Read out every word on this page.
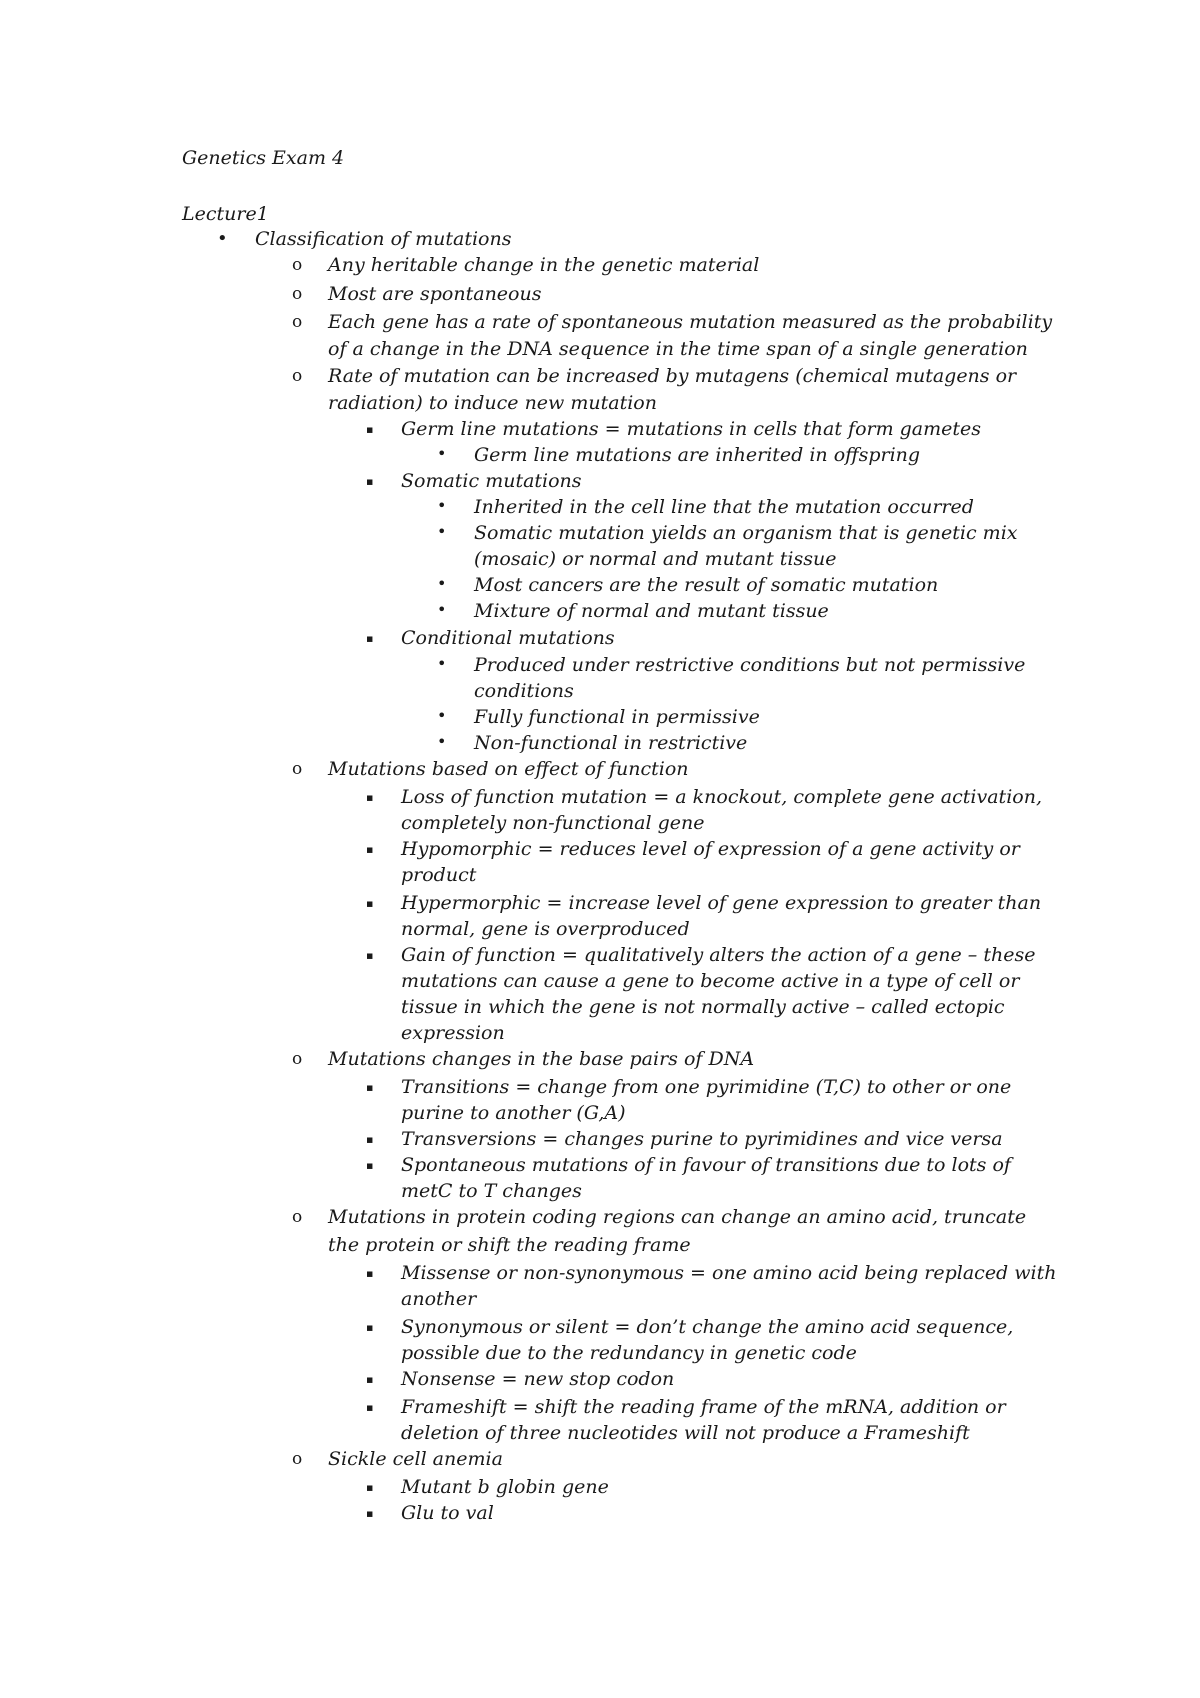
Genetics Exam 4
Lecture1
• Classification of mutations
o Any heritable change in the genetic material
o Most are spontaneous
o Each gene has a rate of spontaneous mutation measured as the probability
of a change in the DNA sequence in the time span of a single generation
o Rate of mutation can be increased by mutagens (chemical mutagens or
radiation) to induce new mutation
▪ Germ line mutations = mutations in cells that form gametes
• Germ line mutations are inherited in offspring
▪ Somatic mutations
• Inherited in the cell line that the mutation occurred
• Somatic mutation yields an organism that is genetic mix
(mosaic) or normal and mutant tissue
• Most cancers are the result of somatic mutation
• Mixture of normal and mutant tissue
▪ Conditional mutations
• Produced under restrictive conditions but not permissive
conditions
• Fully functional in permissive
• Non-functional in restrictive
o Mutations based on effect of function
▪ Loss of function mutation = a knockout, complete gene activation,
completely non-functional gene
▪ Hypomorphic = reduces level of expression of a gene activity or
product
▪ Hypermorphic = increase level of gene expression to greater than
normal, gene is overproduced
▪ Gain of function = qualitatively alters the action of a gene – these
mutations can cause a gene to become active in a type of cell or
tissue in which the gene is not normally active – called ectopic
expression
o Mutations changes in the base pairs of DNA
▪ Transitions = change from one pyrimidine (T,C) to other or one
purine to another (G,A)
▪ Transversions = changes purine to pyrimidines and vice versa
▪ Spontaneous mutations of in favour of transitions due to lots of
metC to T changes
o Mutations in protein coding regions can change an amino acid, truncate
the protein or shift the reading frame
▪ Missense or non-synonymous = one amino acid being replaced with
another
▪ Synonymous or silent = don’t change the amino acid sequence,
possible due to the redundancy in genetic code
▪ Nonsense = new stop codon
▪ Frameshift = shift the reading frame of the mRNA, addition or
deletion of three nucleotides will not produce a Frameshift
o Sickle cell anemia
▪ Mutant b globin gene
▪ Glu to val
